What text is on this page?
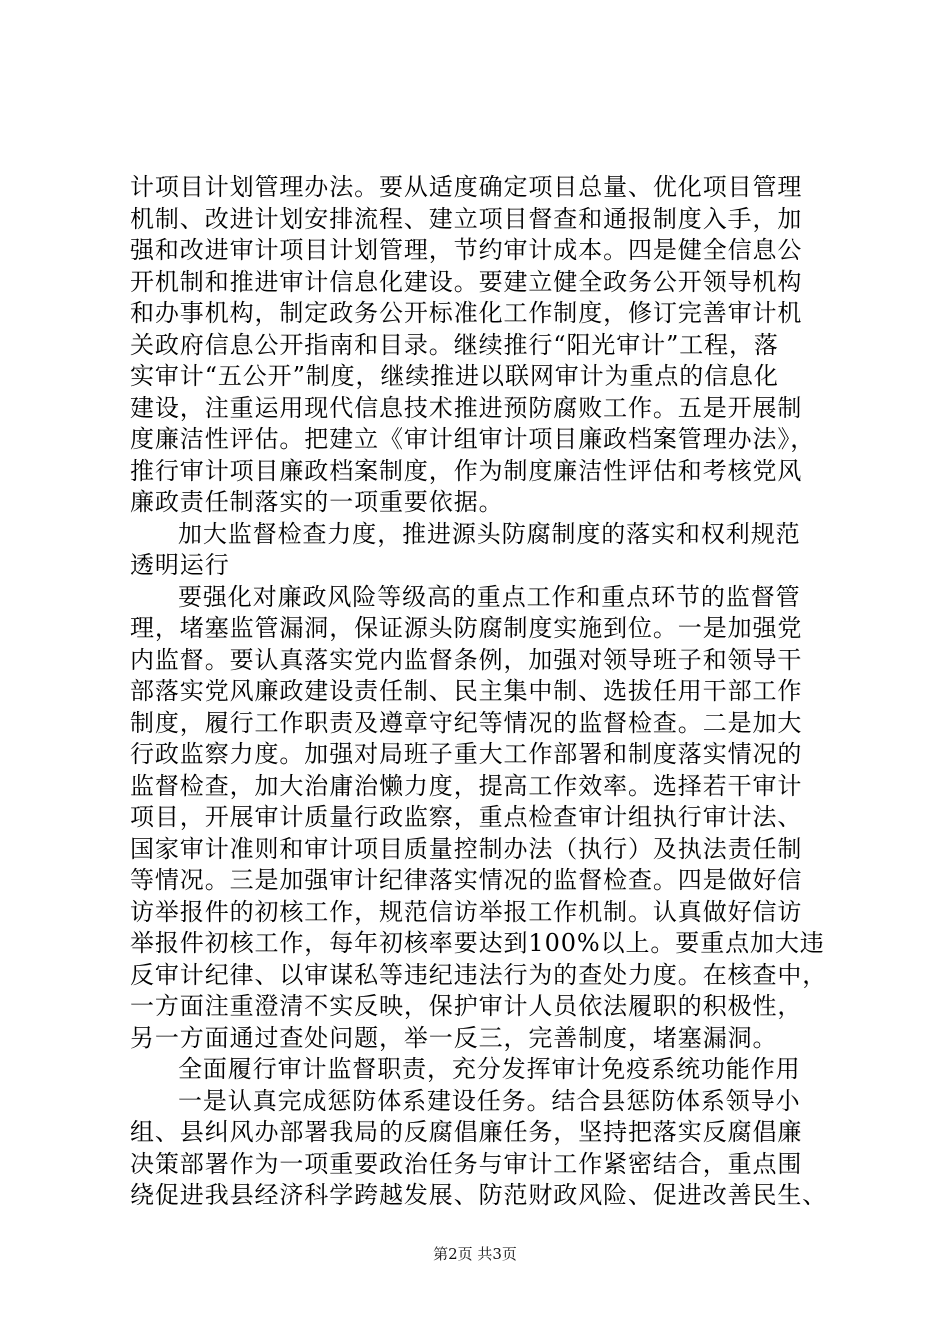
计项目计划管理办法。要从适度确定项目总量、优化项目管理
机制、改进计划安排流程、建立项目督查和通报制度入手，加
强和改进审计项目计划管理，节约审计成本。四是健全信息公
开机制和推进审计信息化建设。要建立健全政务公开领导机构
和办事机构，制定政务公开标准化工作制度，修订完善审计机
关政府信息公开指南和目录。继续推行“阳光审计”工程，落
实审计“五公开”制度，继续推进以联网审计为重点的信息化
建设，注重运用现代信息技术推进预防腐败工作。五是开展制
度廉洁性评估。把建立《审计组审计项目廉政档案管理办法》，
推行审计项目廉政档案制度，作为制度廉洁性评估和考核党风
廉政责任制落实的一项重要依据。
加大监督检查力度，推进源头防腐制度的落实和权利规范
透明运行
要强化对廉政风险等级高的重点工作和重点环节的监督管
理，堵塞监管漏洞，保证源头防腐制度实施到位。一是加强党
内监督。要认真落实党内监督条例，加强对领导班子和领导干
部落实党风廉政建设责任制、民主集中制、选拔任用干部工作
制度，履行工作职责及遵章守纪等情况的监督检查。二是加大
行政监察力度。加强对局班子重大工作部署和制度落实情况的
监督检查，加大治庸治懒力度，提高工作效率。选择若干审计
项目，开展审计质量行政监察，重点检查审计组执行审计法、
国家审计准则和审计项目质量控制办法（执行）及执法责任制
等情况。三是加强审计纪律落实情况的监督检查。四是做好信
访举报件的初核工作，规范信访举报工作机制。认真做好信访
举报件初核工作，每年初核率要达到100%以上。要重点加大违
反审计纪律、以审谋私等违纪违法行为的查处力度。在核查中，
一方面注重澄清不实反映，保护审计人员依法履职的积极性，
另一方面通过查处问题，举一反三，完善制度，堵塞漏洞。
全面履行审计监督职责，充分发挥审计免疫系统功能作用
一是认真完成惩防体系建设任务。结合县惩防体系领导小
组、县纠风办部署我局的反腐倡廉任务，坚持把落实反腐倡廉
决策部署作为一项重要政治任务与审计工作紧密结合，重点围
绕促进我县经济科学跨越发展、防范财政风险、促进改善民生、
第2页 共3页
